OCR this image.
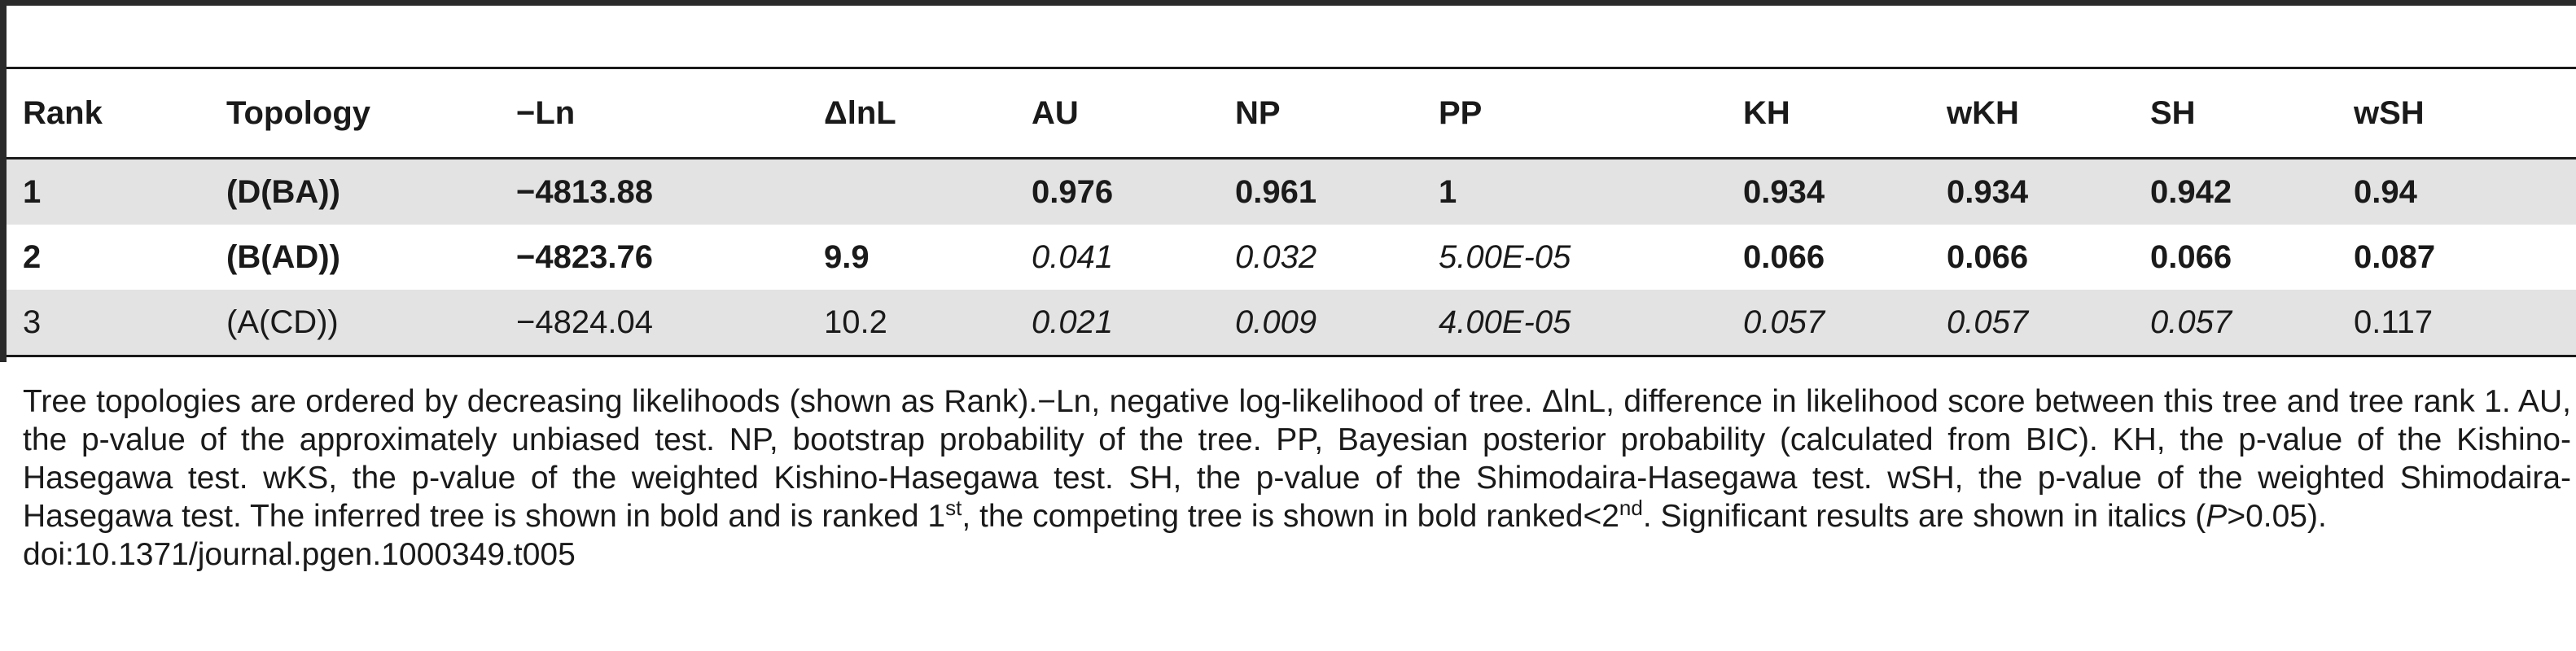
Rank	Topology	−Ln	ΔlnL	AU	NP	PP	KH	wKH	SH	wSH
1	(D(BA))	−4813.88		0.976	0.961	1	0.934	0.934	0.942	0.94
2	(B(AD))	−4823.76	9.9	0.041	0.032	5.00E-05	0.066	0.066	0.066	0.087
3	(A(CD))	−4824.04	10.2	0.021	0.009	4.00E-05	0.057	0.057	0.057	0.117

Tree topologies are ordered by decreasing likelihoods (shown as Rank).−Ln, negative log-likelihood of tree. ΔlnL, difference in likelihood score between this tree and tree rank 1. AU, the p-value of the approximately unbiased test. NP, bootstrap probability of the tree. PP, Bayesian posterior probability (calculated from BIC). KH, the p-value of the Kishino-Hasegawa test. wKS, the p-value of the weighted Kishino-Hasegawa test. SH, the p-value of the Shimodaira-Hasegawa test. wSH, the p-value of the weighted Shimodaira-Hasegawa test. The inferred tree is shown in bold and is ranked 1st, the competing tree is shown in bold ranked<2nd. Significant results are shown in italics (P>0.05).

doi:10.1371/journal.pgen.1000349.t005
